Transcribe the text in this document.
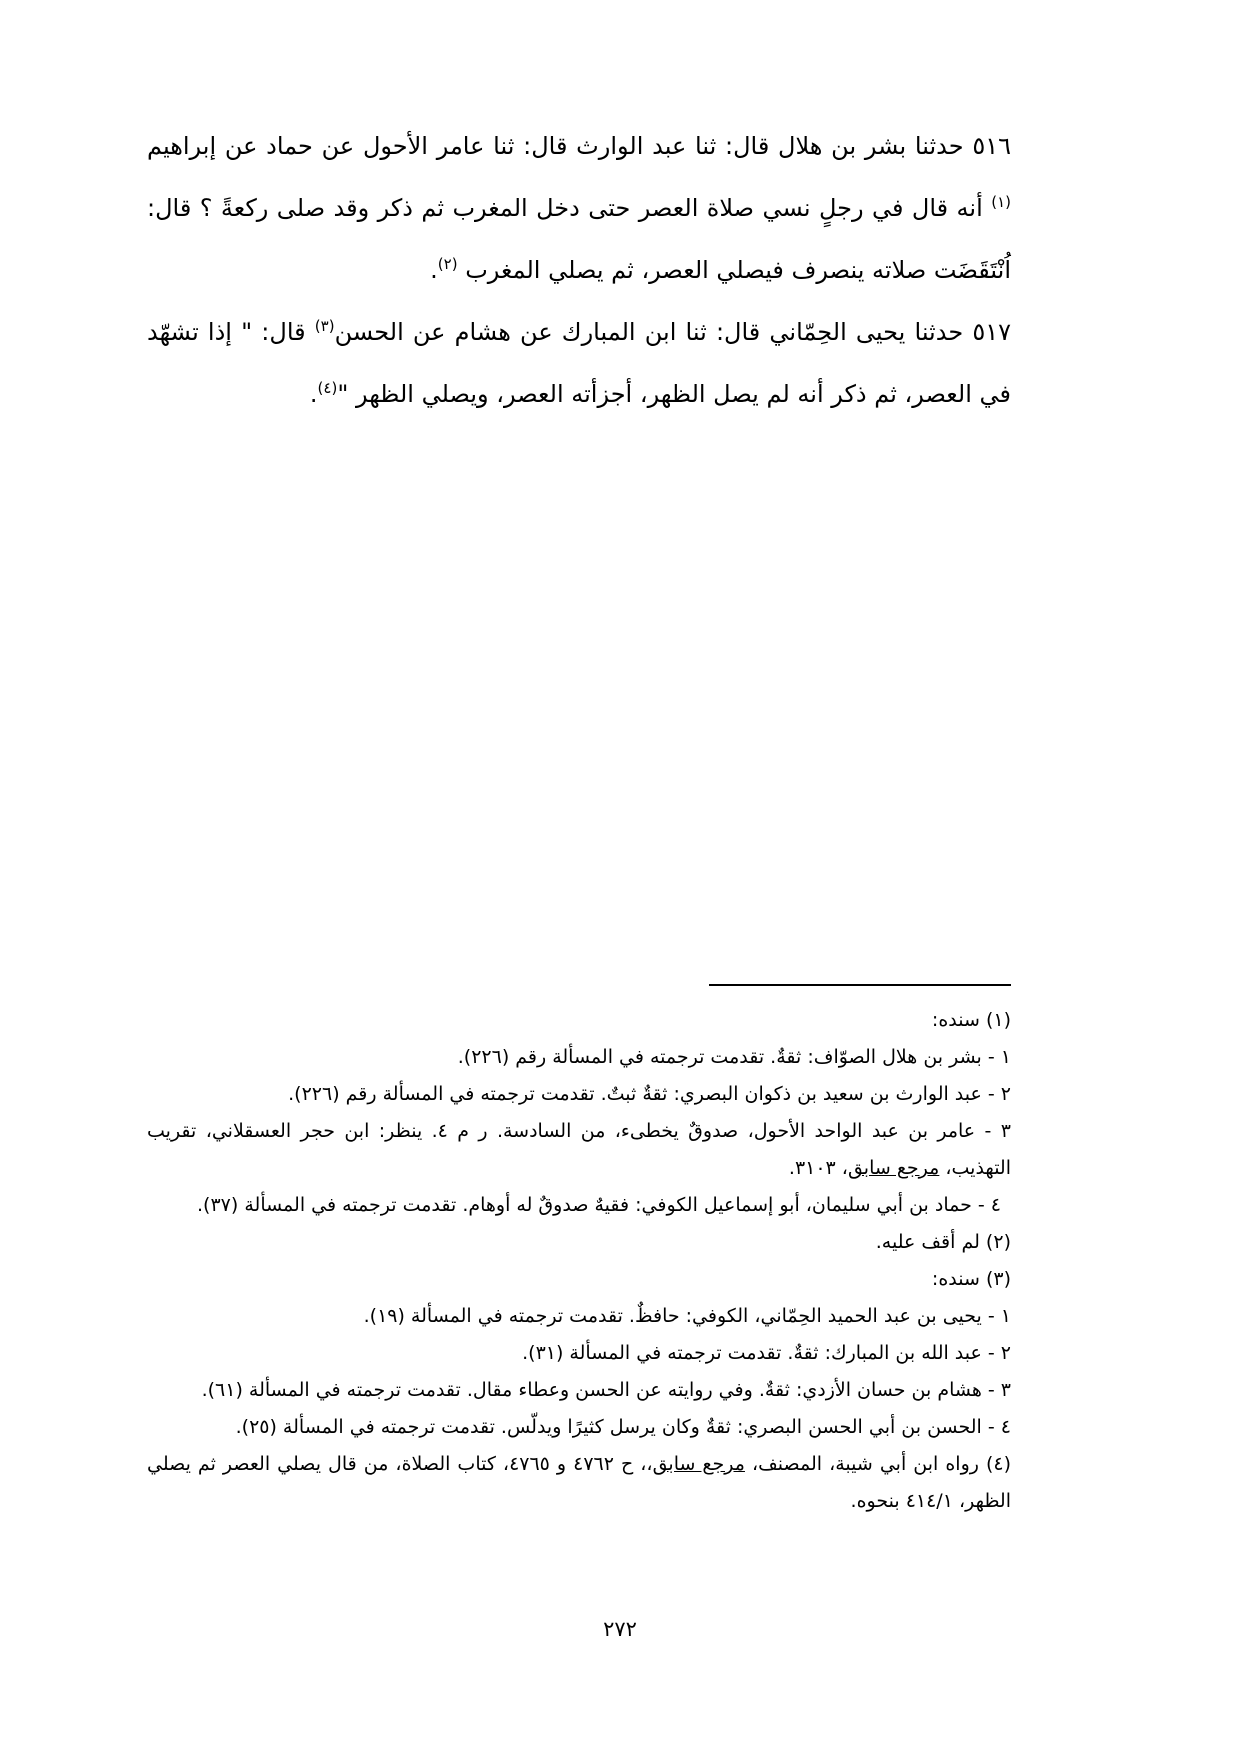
٥١٦ حدثنا بشر بن هلال قال: ثنا عبد الوارث قال: ثنا عامر الأحول عن حماد عن إبراهيم $^{(١)}$ أنه قال في رجلٍ نسي صلاة العصر حتى دخل المغرب ثم ذكر وقد صلى ركعةً ؟ قال: اُنْتَقَضَت صلاته ينصرف فيصلي العصر، ثم يصلي المغرب $^{(٢)}$.

٥١٧ حدثنا يحيى الحِمّاني قال: ثنا ابن المبارك عن هشام عن الحسن$^{(٣)}$ قال: " إذا تشهّد في العصر، ثم ذكر أنه لم يصل الظهر، أجزأته العصر، ويصلي الظهر "$^{(٤)}$.

(١) سنده:

١ - بشر بن هلال الصوّاف: ثقةٌ. تقدمت ترجمته في المسألة رقم (٢٢٦).

٢ - عبد الوارث بن سعيد بن ذكوان البصري: ثقةٌ ثبتٌ. تقدمت ترجمته في المسألة رقم (٢٢٦).

٣ - عامر بن عبد الواحد الأحول، صدوقٌ يخطىء، من السادسة. ر م ٤. ينظر: ابن حجر العسقلاني، تقريب التهذيب، مرجع سابق، ٣١٠٣.

٤ - حماد بن أبي سليمان، أبو إسماعيل الكوفي: فقيهٌ صدوقٌ له أوهام. تقدمت ترجمته في المسألة (٣٧).

(٢) لم أقف عليه.

(٣) سنده:

١ - يحيى بن عبد الحميد الحِمّاني، الكوفي: حافظٌ. تقدمت ترجمته في المسألة (١٩).

٢ - عبد الله بن المبارك: ثقةٌ. تقدمت ترجمته في المسألة (٣١).

٣ - هشام بن حسان الأزدي: ثقةٌ. وفي روايته عن الحسن وعطاء مقال. تقدمت ترجمته في المسألة (٦١).

٤ - الحسن بن أبي الحسن البصري: ثقةٌ وكان يرسل كثيرًا ويدلّس. تقدمت ترجمته في المسألة (٢٥).

(٤) رواه ابن أبي شيبة، المصنف، مرجع سابق،، ح ٤٧٦٢ و ٤٧٦٥، كتاب الصلاة، من قال يصلي العصر ثم يصلي الظهر، ٤١٤/١ بنحوه.

٢٧٢
